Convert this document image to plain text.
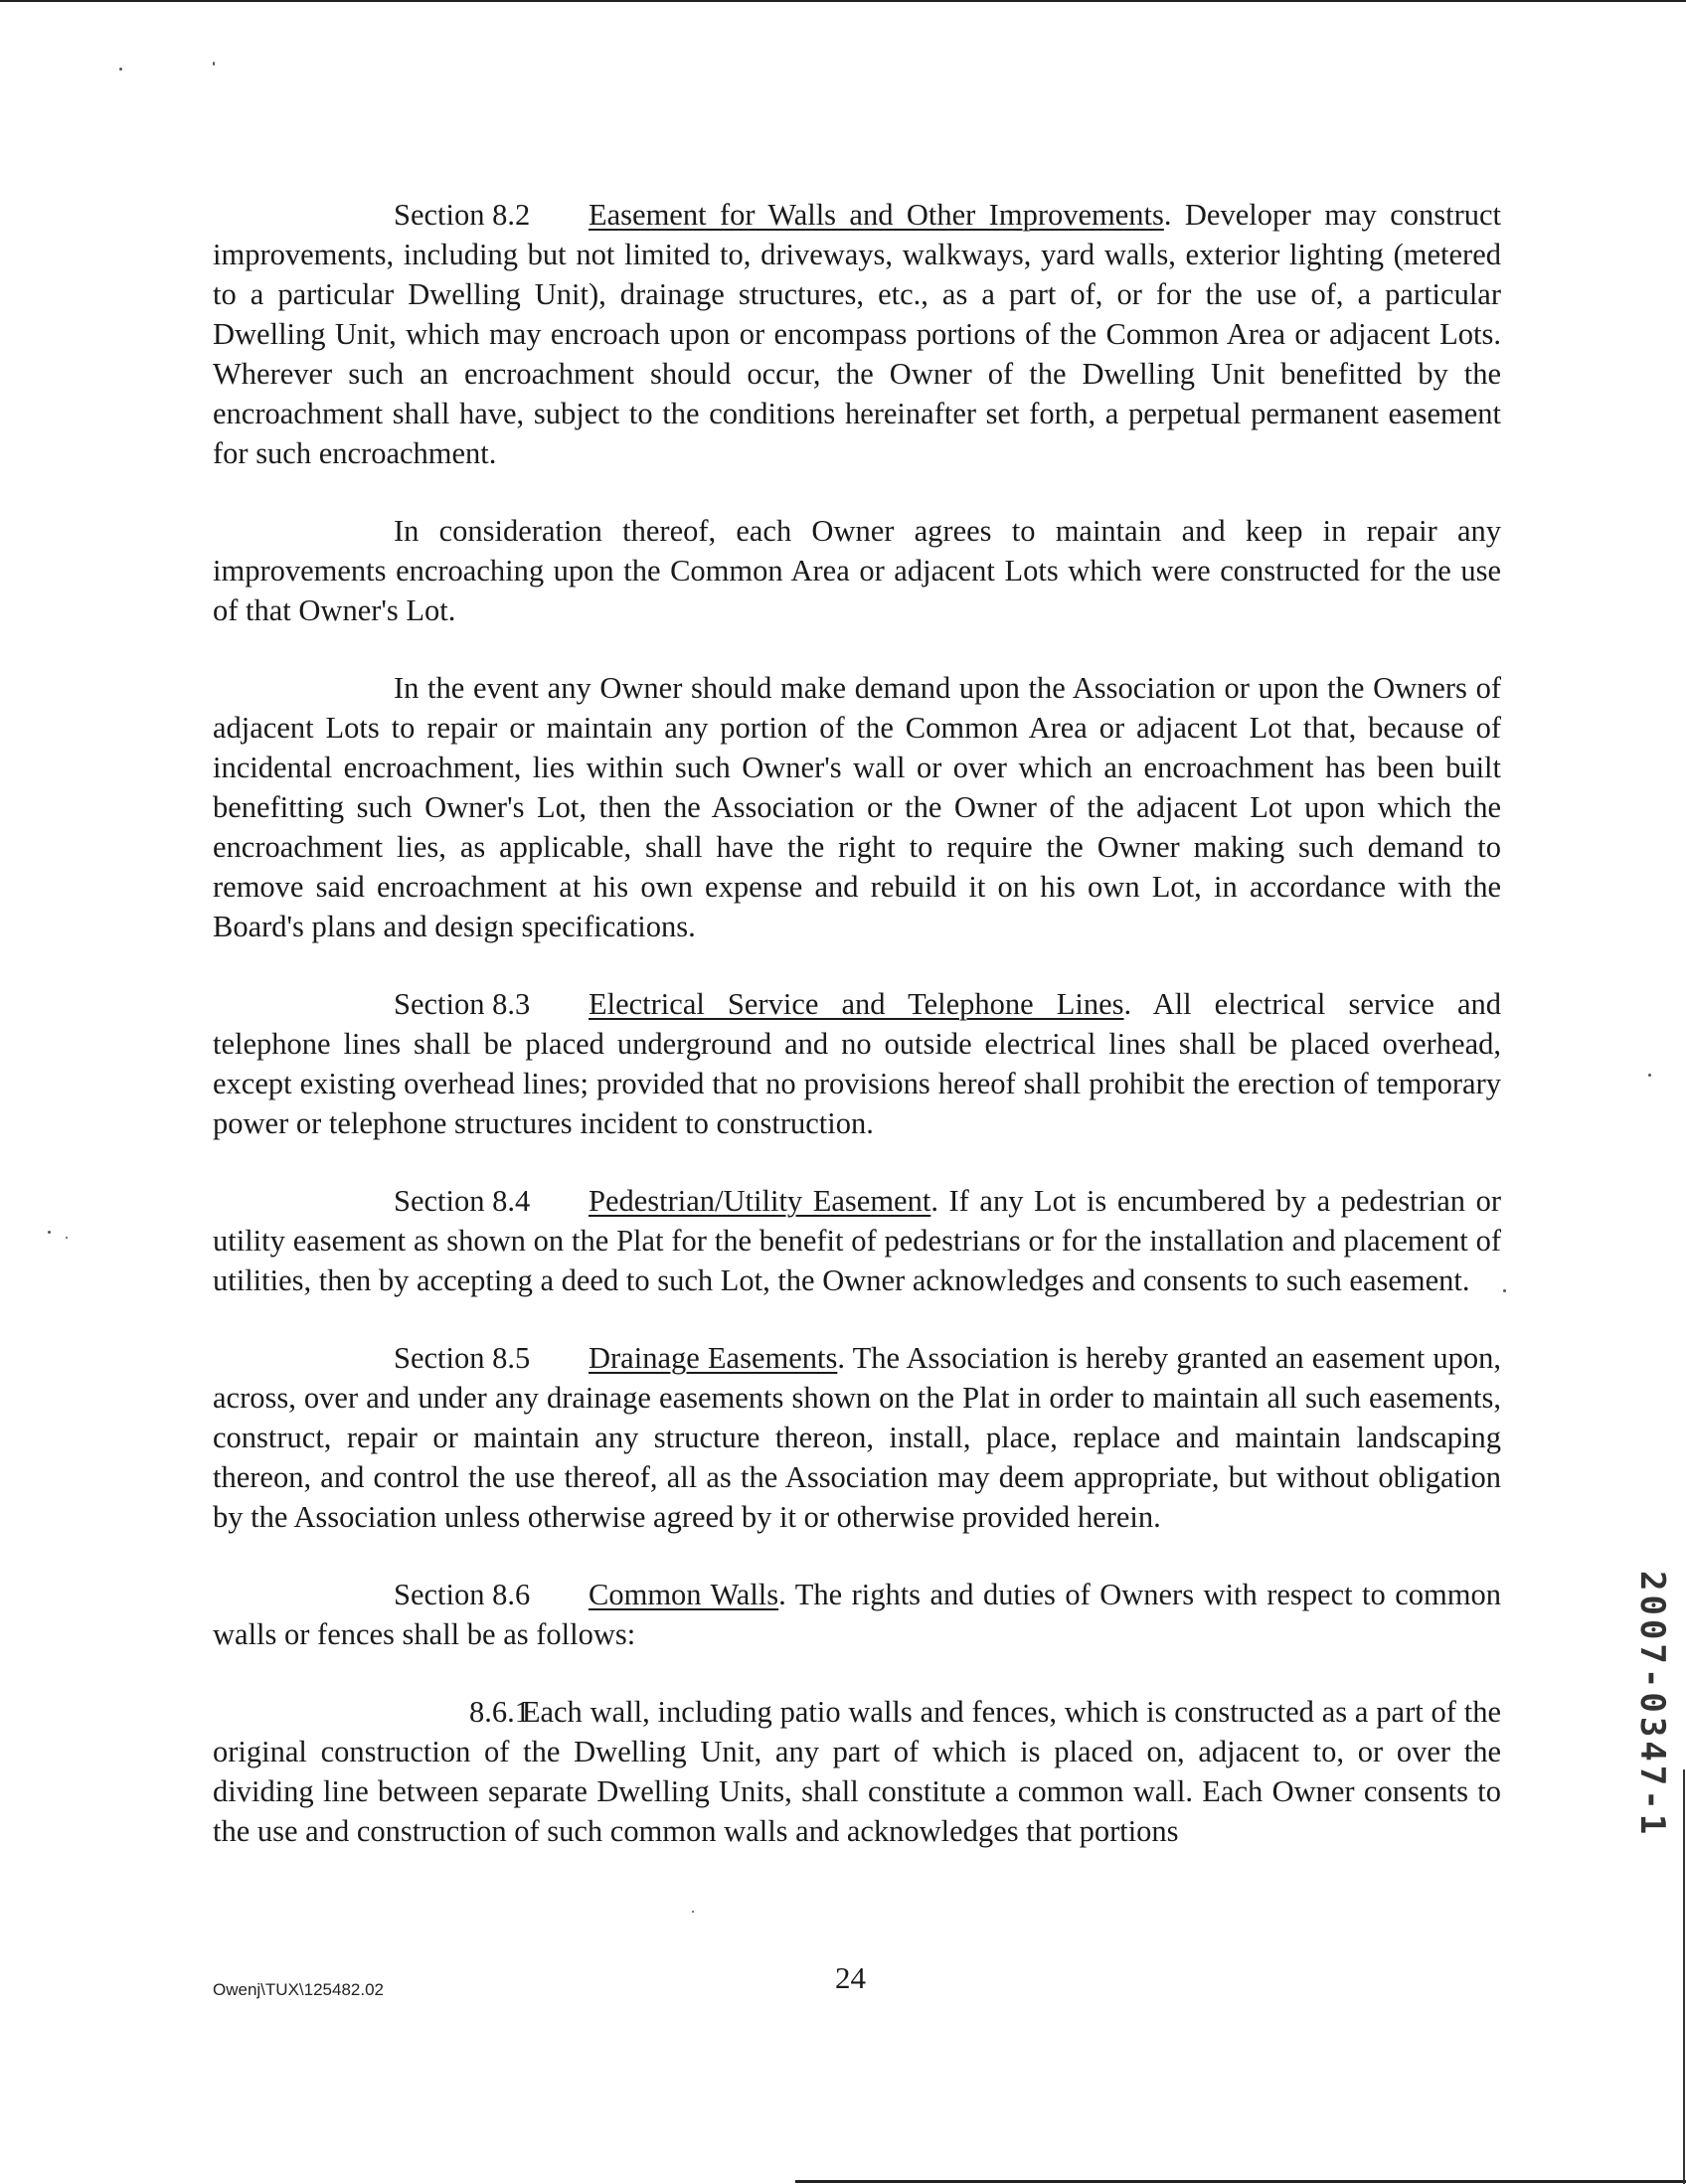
Section 8.2 Easement for Walls and Other Improvements. Developer may construct improvements, including but not limited to, driveways, walkways, yard walls, exterior lighting (metered to a particular Dwelling Unit), drainage structures, etc., as a part of, or for the use of, a particular Dwelling Unit, which may encroach upon or encompass portions of the Common Area or adjacent Lots. Wherever such an encroachment should occur, the Owner of the Dwelling Unit benefitted by the encroachment shall have, subject to the conditions hereinafter set forth, a perpetual permanent easement for such encroachment.

In consideration thereof, each Owner agrees to maintain and keep in repair any improvements encroaching upon the Common Area or adjacent Lots which were constructed for the use of that Owner's Lot.

In the event any Owner should make demand upon the Association or upon the Owners of adjacent Lots to repair or maintain any portion of the Common Area or adjacent Lot that, because of incidental encroachment, lies within such Owner's wall or over which an encroachment has been built benefitting such Owner's Lot, then the Association or the Owner of the adjacent Lot upon which the encroachment lies, as applicable, shall have the right to require the Owner making such demand to remove said encroachment at his own expense and rebuild it on his own Lot, in accordance with the Board's plans and design specifications.

Section 8.3 Electrical Service and Telephone Lines. All electrical service and telephone lines shall be placed underground and no outside electrical lines shall be placed overhead, except existing overhead lines; provided that no provisions hereof shall prohibit the erection of temporary power or telephone structures incident to construction.

Section 8.4 Pedestrian/Utility Easement. If any Lot is encumbered by a pedestrian or utility easement as shown on the Plat for the benefit of pedestrians or for the installation and placement of utilities, then by accepting a deed to such Lot, the Owner acknowledges and consents to such easement.

Section 8.5 Drainage Easements. The Association is hereby granted an easement upon, across, over and under any drainage easements shown on the Plat in order to maintain all such easements, construct, repair or maintain any structure thereon, install, place, replace and maintain landscaping thereon, and control the use thereof, all as the Association may deem appropriate, but without obligation by the Association unless otherwise agreed by it or otherwise provided herein.

Section 8.6 Common Walls. The rights and duties of Owners with respect to common walls or fences shall be as follows:

8.6.1 Each wall, including patio walls and fences, which is constructed as a part of the original construction of the Dwelling Unit, any part of which is placed on, adjacent to, or over the dividing line between separate Dwelling Units, shall constitute a common wall. Each Owner consents to the use and construction of such common walls and acknowledges that portions

Owenj\TUX\125482.02	24
2007-0347-1
